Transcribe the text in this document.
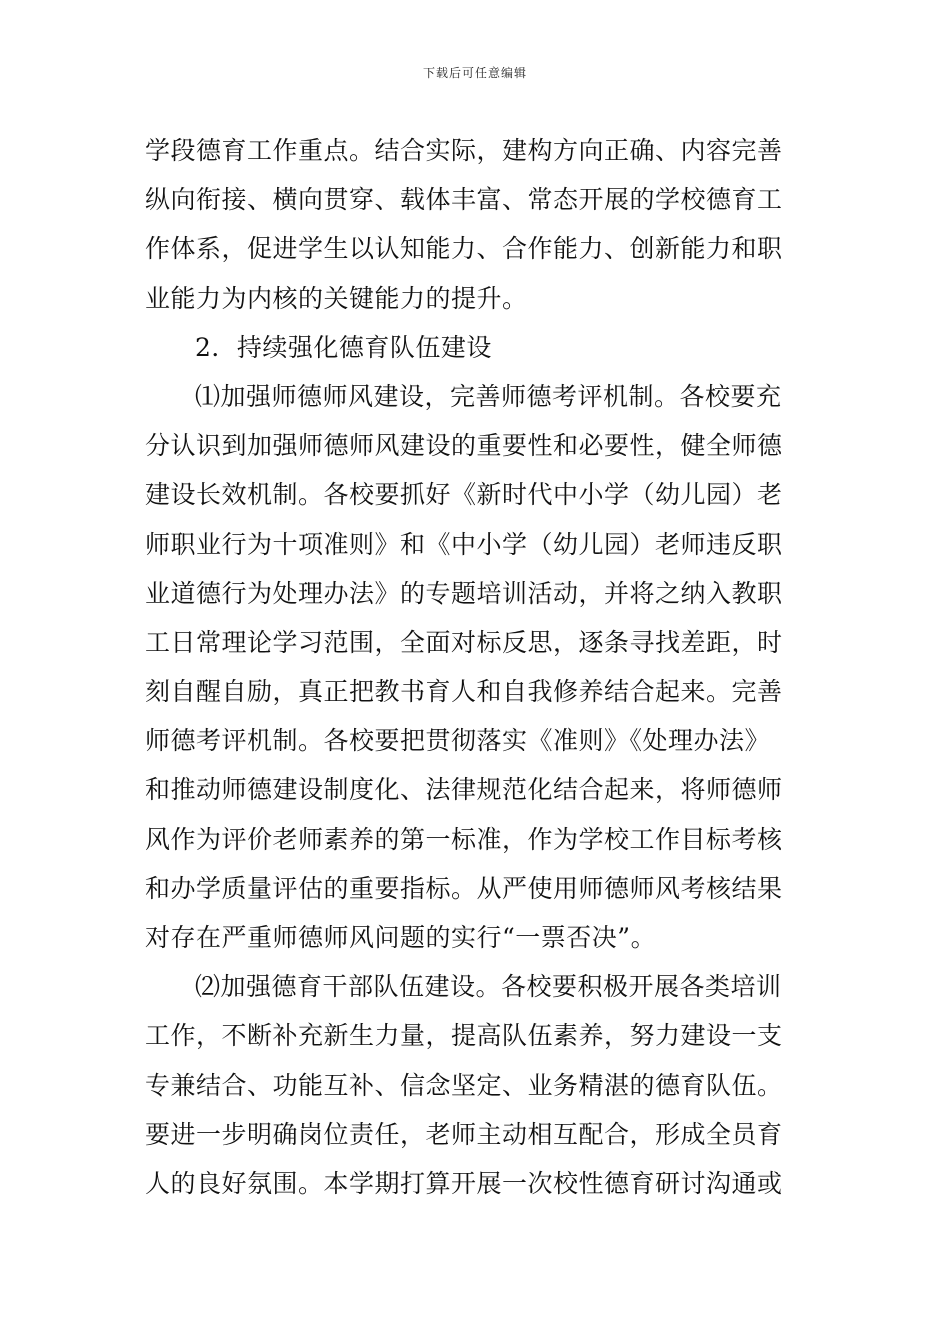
下载后可任意编辑
学段德育工作重点。结合实际，建构方向正确、内容完善
纵向衔接、横向贯穿、载体丰富、常态开展的学校德育工
作体系，促进学生以认知能力、合作能力、创新能力和职
业能力为内核的关键能力的提升。
2．持续强化德育队伍建设
⑴加强师德师风建设，完善师德考评机制。各校要充
分认识到加强师德师风建设的重要性和必要性，健全师德
建设长效机制。各校要抓好《新时代中小学（幼儿园）老
师职业行为十项准则》和《中小学（幼儿园）老师违反职
业道德行为处理办法》的专题培训活动，并将之纳入教职
工日常理论学习范围，全面对标反思，逐条寻找差距，时
刻自醒自励，真正把教书育人和自我修养结合起来。完善
师德考评机制。各校要把贯彻落实《准则》《处理办法》
和推动师德建设制度化、法律规范化结合起来，将师德师
风作为评价老师素养的第一标准，作为学校工作目标考核
和办学质量评估的重要指标。从严使用师德师风考核结果
对存在严重师德师风问题的实行“一票否决”。
⑵加强德育干部队伍建设。各校要积极开展各类培训
工作，不断补充新生力量，提高队伍素养，努力建设一支
专兼结合、功能互补、信念坚定、业务精湛的德育队伍。
要进一步明确岗位责任，老师主动相互配合，形成全员育
人的良好氛围。本学期打算开展一次校性德育研讨沟通或
